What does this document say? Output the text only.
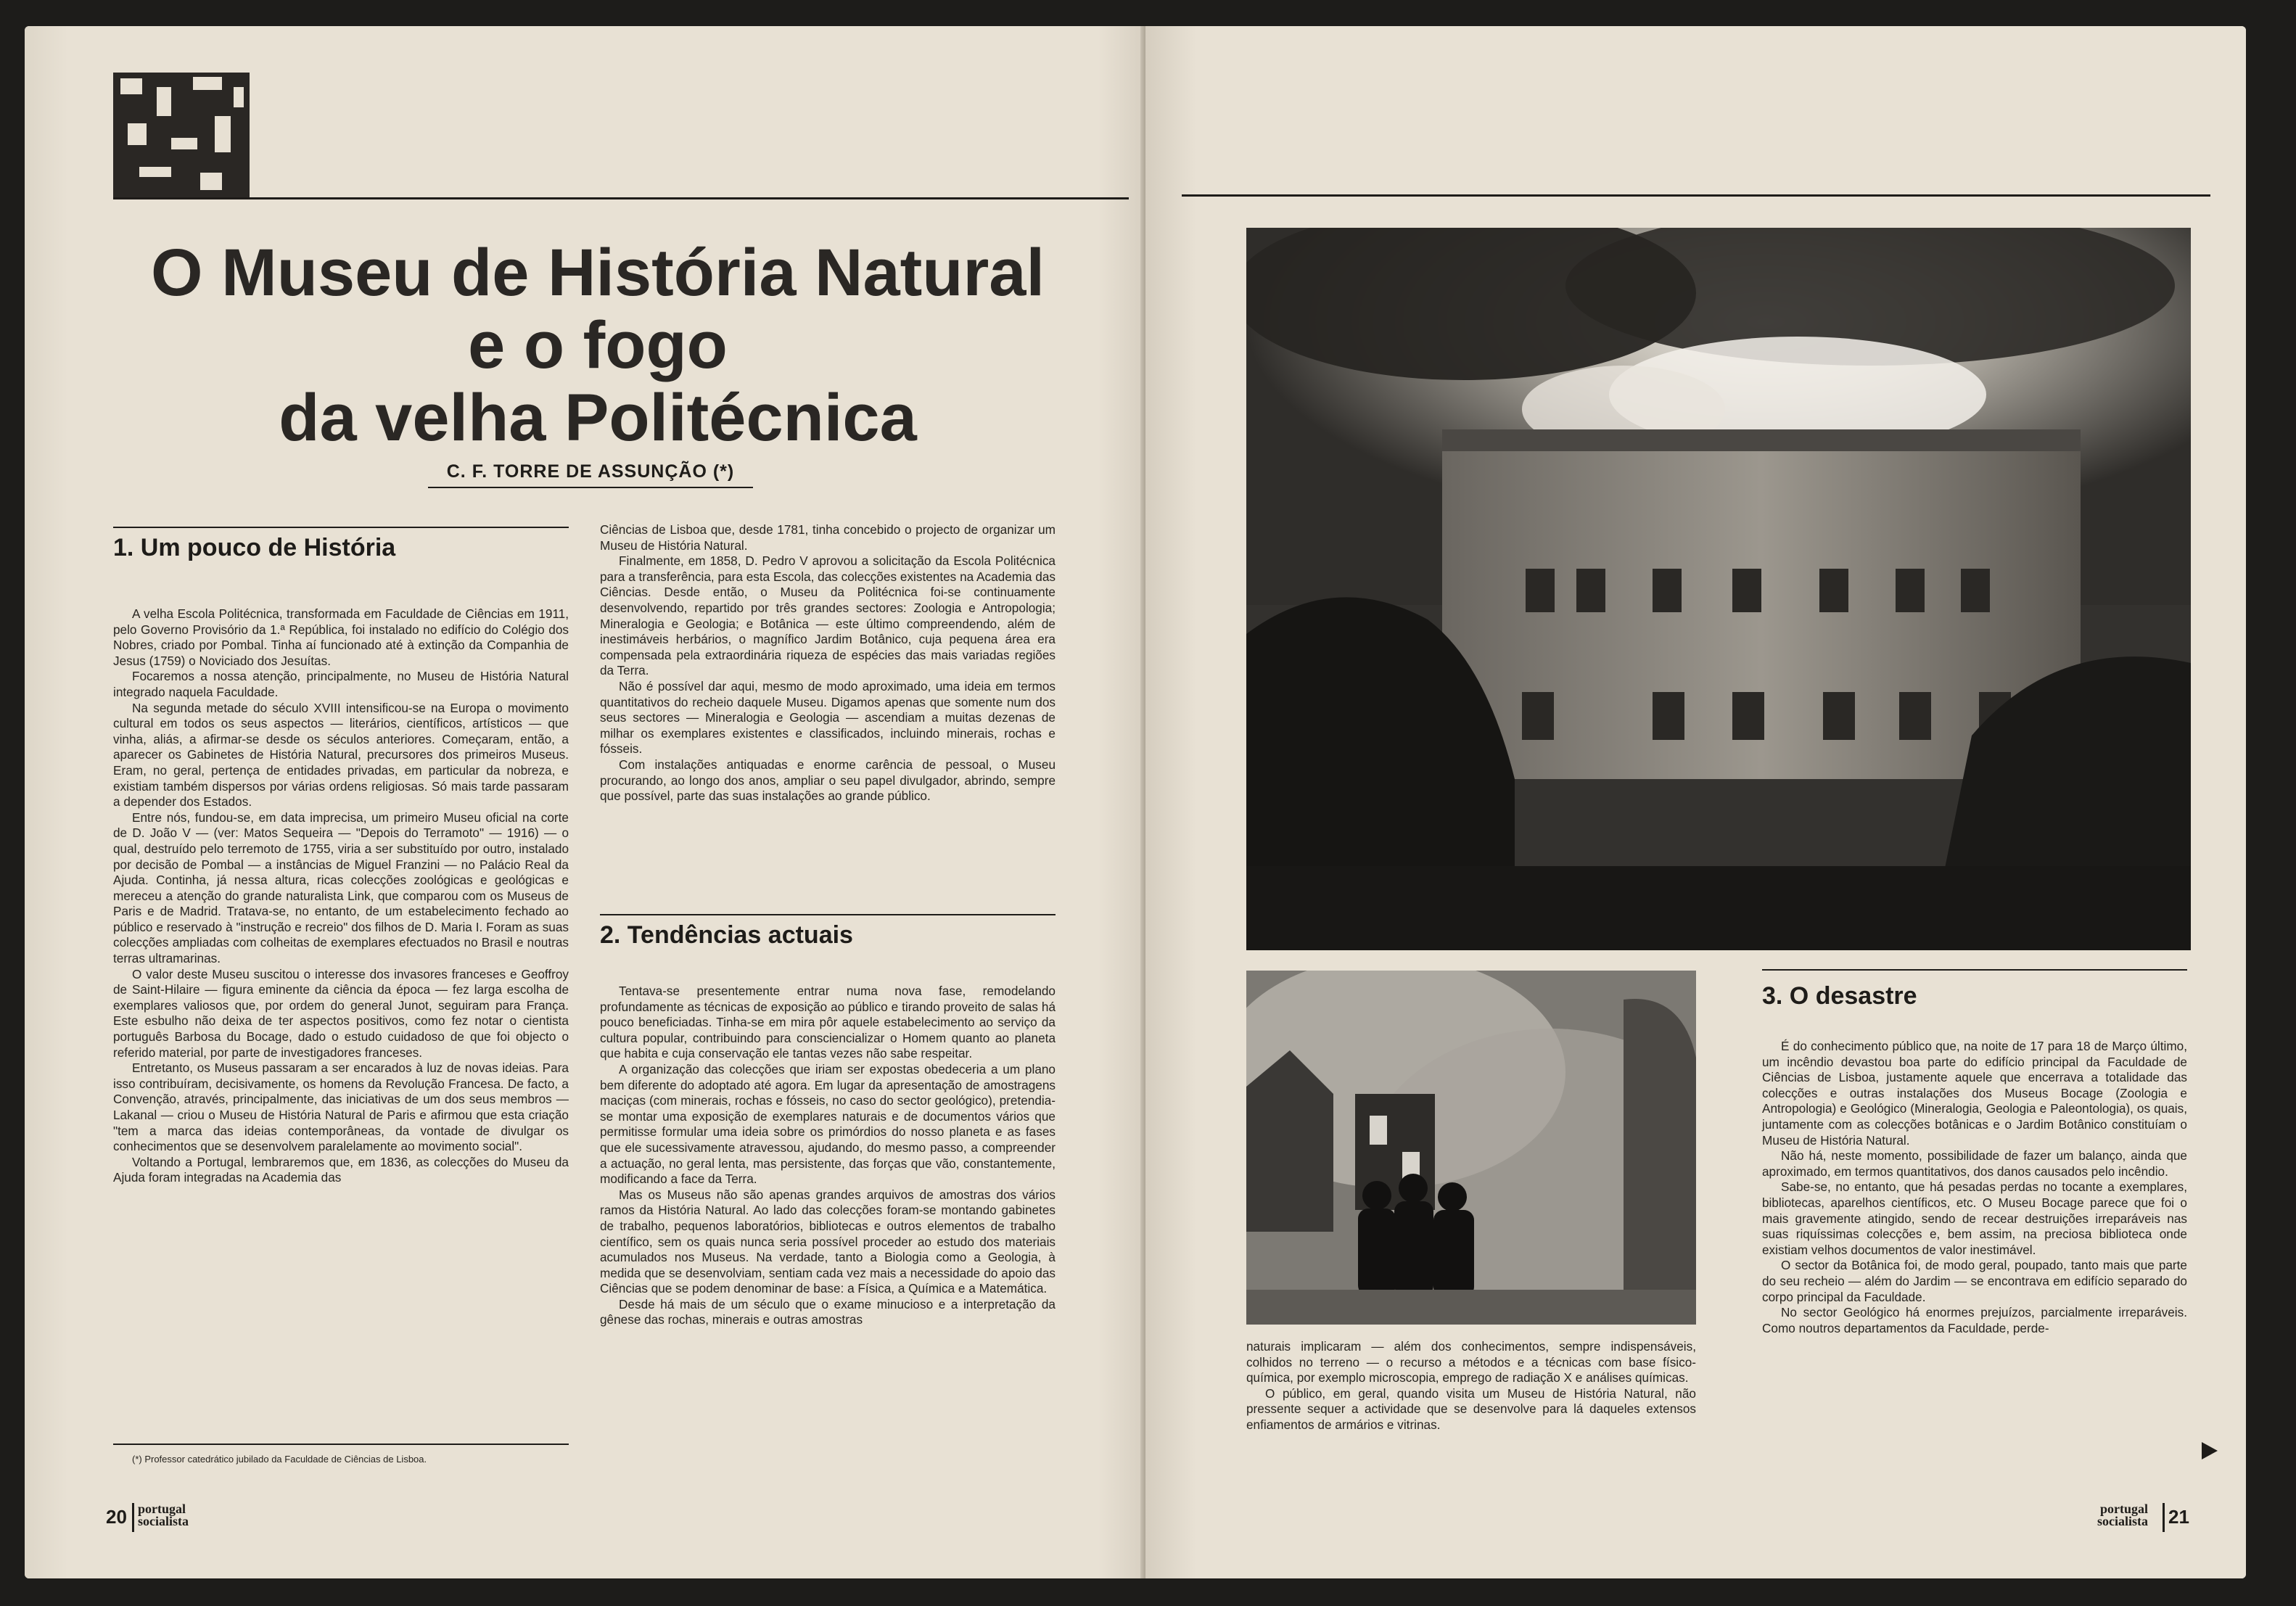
O Museu de História Natural
e o fogo
da velha Politécnica
C. F. TORRE DE ASSUNÇÃO (*)
1. Um pouco de História

A velha Escola Politécnica, transformada em Faculdade de Ciências em 1911, pelo Governo Provisório da 1.ª República, foi instalado no edifício do Colégio dos Nobres, criado por Pombal. Tinha aí funcionado até à extinção da Companhia de Jesus (1759) o Noviciado dos Jesuítas.

Focaremos a nossa atenção, principalmente, no Museu de História Natural integrado naquela Faculdade.

Na segunda metade do século XVIII intensificou-se na Europa o movimento cultural em todos os seus aspectos — literários, científicos, artísticos — que vinha, aliás, a afirmar-se desde os séculos anteriores. Começaram, então, a aparecer os Gabinetes de História Natural, precursores dos primeiros Museus. Eram, no geral, pertença de entidades privadas, em particular da nobreza, e existiam também dispersos por várias ordens religiosas. Só mais tarde passaram a depender dos Estados.

Entre nós, fundou-se, em data imprecisa, um primeiro Museu oficial na corte de D. João V — (ver: Matos Sequeira — "Depois do Terramoto" — 1916) — o qual, destruído pelo terremoto de 1755, viria a ser substituído por outro, instalado por decisão de Pombal — a instâncias de Miguel Franzini — no Palácio Real da Ajuda. Continha, já nessa altura, ricas colecções zoológicas e geológicas e mereceu a atenção do grande naturalista Link, que comparou com os Museus de Paris e de Madrid. Tratava-se, no entanto, de um estabelecimento fechado ao público e reservado à "instrução e recreio" dos filhos de D. Maria I. Foram as suas colecções ampliadas com colheitas de exemplares efectuados no Brasil e noutras terras ultramarinas.

O valor deste Museu suscitou o interesse dos invasores franceses e Geoffroy de Saint-Hilaire — figura eminente da ciência da época — fez larga escolha de exemplares valiosos que, por ordem do general Junot, seguiram para França. Este esbulho não deixa de ter aspectos positivos, como fez notar o cientista português Barbosa du Bocage, dado o estudo cuidadoso de que foi objecto o referido material, por parte de investigadores franceses.

Entretanto, os Museus passaram a ser encarados à luz de novas ideias. Para isso contribuíram, decisivamente, os homens da Revolução Francesa. De facto, a Convenção, através, principalmente, das iniciativas de um dos seus membros — Lakanal — criou o Museu de História Natural de Paris e afirmou que esta criação "tem a marca das ideias contemporâneas, da vontade de divulgar os conhecimentos que se desenvolvem paralelamente ao movimento social".

Voltando a Portugal, lembraremos que, em 1836, as colecções do Museu da Ajuda foram integradas na Academia das

(*) Professor catedrático jubilado da Faculdade de Ciências de Lisboa.

Ciências de Lisboa que, desde 1781, tinha concebido o projecto de organizar um Museu de História Natural.

Finalmente, em 1858, D. Pedro V aprovou a solicitação da Escola Politécnica para a transferência, para esta Escola, das colecções existentes na Academia das Ciências. Desde então, o Museu da Politécnica foi-se continuamente desenvolvendo, repartido por três grandes sectores: Zoologia e Antropologia; Mineralogia e Geologia; e Botânica — este último compreendendo, além de inestimáveis herbários, o magnífico Jardim Botânico, cuja pequena área era compensada pela extraordinária riqueza de espécies das mais variadas regiões da Terra.

Não é possível dar aqui, mesmo de modo aproximado, uma ideia em termos quantitativos do recheio daquele Museu. Digamos apenas que somente num dos seus sectores — Mineralogia e Geologia — ascendiam a muitas dezenas de milhar os exemplares existentes e classificados, incluindo minerais, rochas e fósseis.

Com instalações antiquadas e enorme carência de pessoal, o Museu procurando, ao longo dos anos, ampliar o seu papel divulgador, abrindo, sempre que possível, parte das suas instalações ao grande público.

2. Tendências actuais

Tentava-se presentemente entrar numa nova fase, remodelando profundamente as técnicas de exposição ao público e tirando proveito de salas há pouco beneficiadas. Tinha-se em mira pôr aquele estabelecimento ao serviço da cultura popular, contribuindo para consciencializar o Homem quanto ao planeta que habita e cuja conservação ele tantas vezes não sabe respeitar.

A organização das colecções que iriam ser expostas obedeceria a um plano bem diferente do adoptado até agora. Em lugar da apresentação de amostragens maciças (com minerais, rochas e fósseis, no caso do sector geológico), pretendia-se montar uma exposição de exemplares naturais e de documentos vários que permitisse formular uma ideia sobre os primórdios do nosso planeta e as fases que ele sucessivamente atravessou, ajudando, do mesmo passo, a compreender a actuação, no geral lenta, mas persistente, das forças que vão, constantemente, modificando a face da Terra.

Mas os Museus não são apenas grandes arquivos de amostras dos vários ramos da História Natural. Ao lado das colecções foram-se montando gabinetes de trabalho, pequenos laboratórios, bibliotecas e outros elementos de trabalho científico, sem os quais nunca seria possível proceder ao estudo dos materiais acumulados nos Museus. Na verdade, tanto a Biologia como a Geologia, à medida que se desenvolviam, sentiam cada vez mais a necessidade do apoio das Ciências que se podem denominar de base: a Física, a Química e a Matemática.

Desde há mais de um século que o exame minucioso e a interpretação da gênese das rochas, minerais e outras amostras

20 portugal
socialista

naturais implicaram — além dos conhecimentos, sempre indispensáveis, colhidos no terreno — o recurso a métodos e a técnicas com base físico-química, por exemplo microscopia, emprego de radiação X e análises químicas.

O público, em geral, quando visita um Museu de História Natural, não pressente sequer a actividade que se desenvolve para lá daqueles extensos enfiamentos de armários e vitrinas.

3. O desastre

É do conhecimento público que, na noite de 17 para 18 de Março último, um incêndio devastou boa parte do edifício principal da Faculdade de Ciências de Lisboa, justamente aquele que encerrava a totalidade das colecções e outras instalações dos Museus Bocage (Zoologia e Antropologia) e Geológico (Mineralogia, Geologia e Paleontologia), os quais, juntamente com as colecções botânicas e o Jardim Botânico constituíam o Museu de História Natural.

Não há, neste momento, possibilidade de fazer um balanço, ainda que aproximado, em termos quantitativos, dos danos causados pelo incêndio.

Sabe-se, no entanto, que há pesadas perdas no tocante a exemplares, bibliotecas, aparelhos científicos, etc. O Museu Bocage parece que foi o mais gravemente atingido, sendo de recear destruições irreparáveis nas suas riquíssimas colecções e, bem assim, na preciosa biblioteca onde existiam velhos documentos de valor inestimável.

O sector da Botânica foi, de modo geral, poupado, tanto mais que parte do seu recheio — além do Jardim — se encontrava em edifício separado do corpo principal da Faculdade.

No sector Geológico há enormes prejuízos, parcialmente irreparáveis. Como noutros departamentos da Faculdade, perde-

portugal
socialista 21
